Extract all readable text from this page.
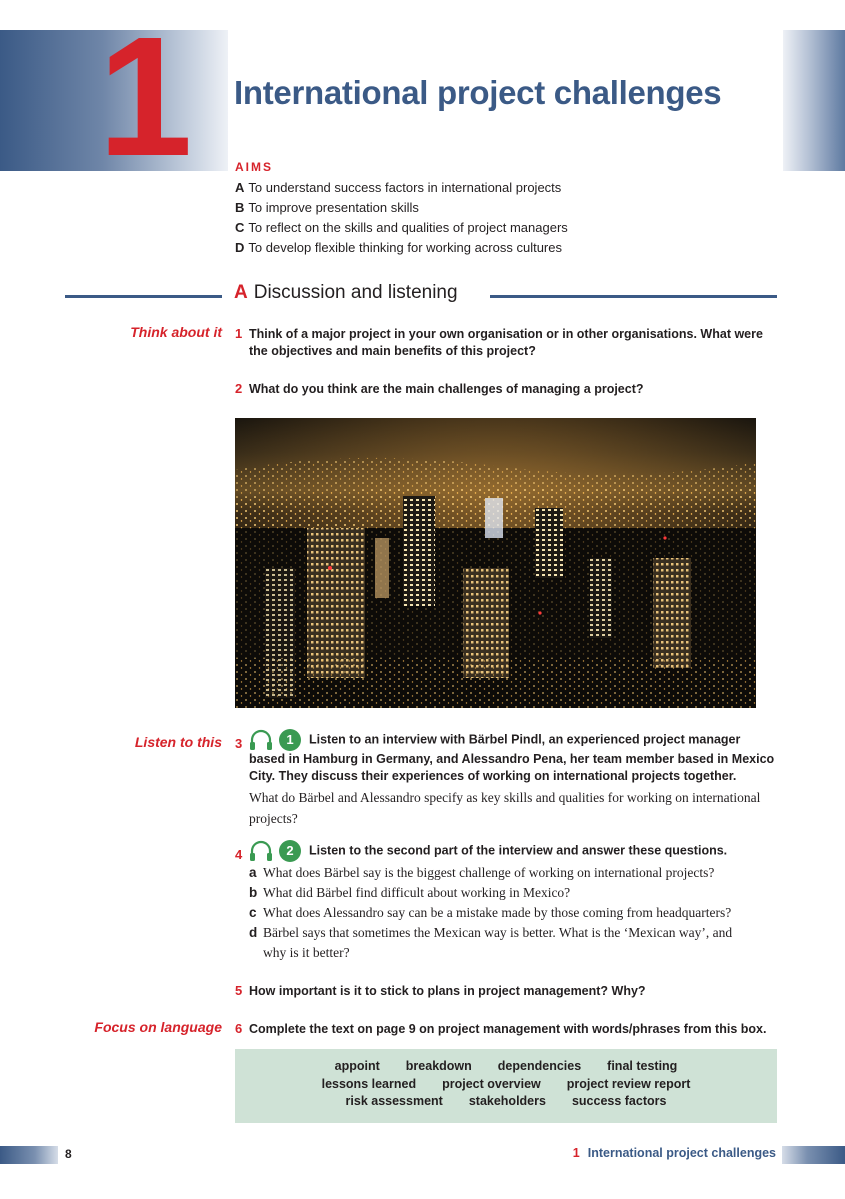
1 International project challenges
AIMS
A To understand success factors in international projects
B To improve presentation skills
C To reflect on the skills and qualities of project managers
D To develop flexible thinking for working across cultures
A Discussion and listening
Think about it 1 Think of a major project in your own organisation or in other organisations. What were the objectives and main benefits of this project?
2 What do you think are the main challenges of managing a project?
Listen to this 3	1	Listen to an interview with Bärbel Pindl, an experienced project manager based in Hamburg in Germany, and Alessandro Pena, her team member based in Mexico City. They discuss their experiences of working on international projects together.
What do Bärbel and Alessandro specify as key skills and qualities for working on international projects?
4	2	Listen to the second part of the interview and answer these questions.
a What does Bärbel say is the biggest challenge of working on international projects?
b What did Bärbel find difficult about working in Mexico?
c What does Alessandro say can be a mistake made by those coming from headquarters?
d Bärbel says that sometimes the Mexican way is better. What is the ‘Mexican way’, and
why is it better?
5 How important is it to stick to plans in project management? Why?
Focus on language 6 Complete the text on page 9 on project management with words/phrases from this box.
appoint breakdown dependencies final testing
lessons learned project overview project review report
risk assessment stakeholders success factors
8	1 International project challenges
